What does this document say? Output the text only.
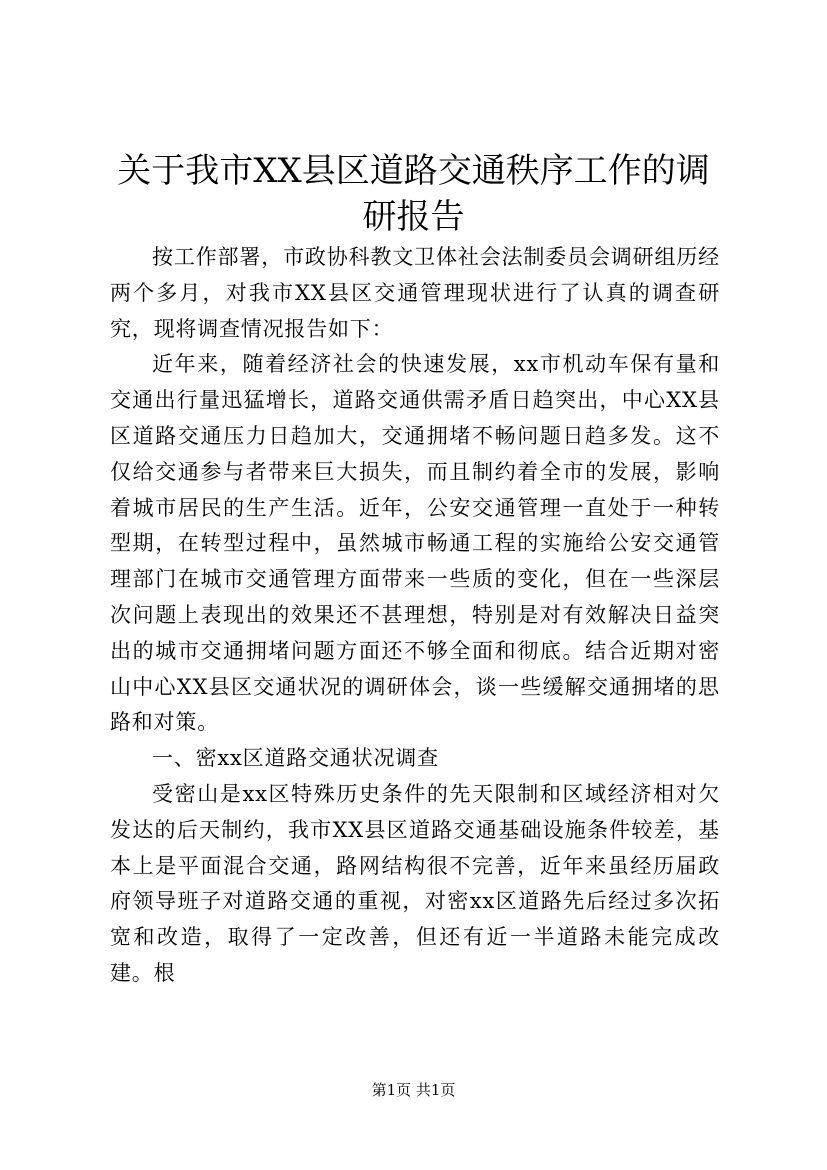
关于我市XX县区道路交通秩序工作的调研报告

按工作部署，市政协科教文卫体社会法制委员会调研组历经两个多月，对我市XX县区交通管理现状进行了认真的调查研究，现将调查情况报告如下：

近年来，随着经济社会的快速发展，xx市机动车保有量和交通出行量迅猛增长，道路交通供需矛盾日趋突出，中心XX县区道路交通压力日趋加大，交通拥堵不畅问题日趋多发。这不仅给交通参与者带来巨大损失，而且制约着全市的发展，影响着城市居民的生产生活。近年，公安交通管理一直处于一种转型期，在转型过程中，虽然城市畅通工程的实施给公安交通管理部门在城市交通管理方面带来一些质的变化，但在一些深层次问题上表现出的效果还不甚理想，特别是对有效解决日益突出的城市交通拥堵问题方面还不够全面和彻底。结合近期对密山中心XX县区交通状况的调研体会，谈一些缓解交通拥堵的思路和对策。

一、密xx区道路交通状况调查

受密山是xx区特殊历史条件的先天限制和区域经济相对欠发达的后天制约，我市XX县区道路交通基础设施条件较差，基本上是平面混合交通，路网结构很不完善，近年来虽经历届政府领导班子对道路交通的重视，对密xx区道路先后经过多次拓宽和改造，取得了一定改善，但还有近一半道路未能完成改建。根

第1页 共1页
